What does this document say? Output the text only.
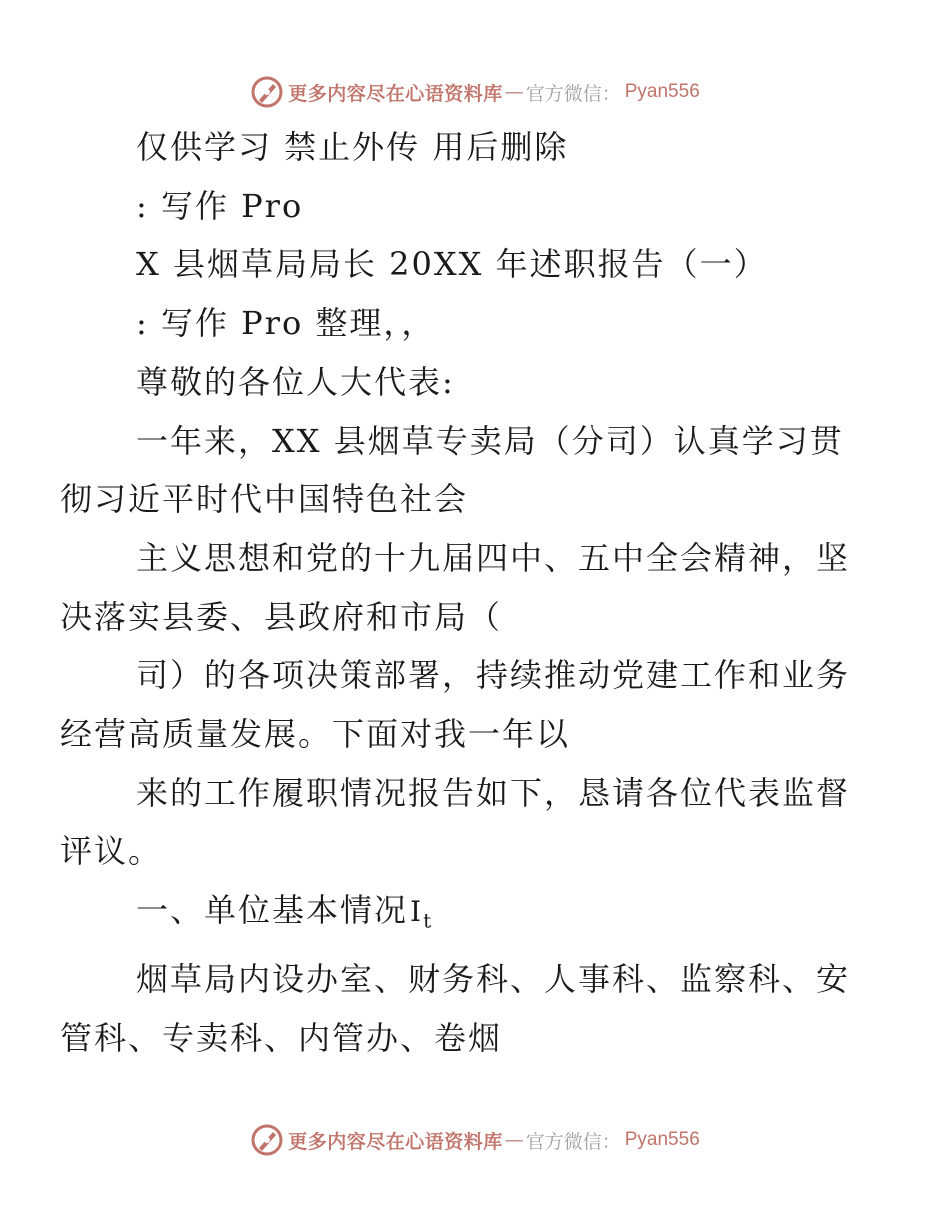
更多内容尽在心语资料库 — 官方微信： Pyan556

仅供学习 禁止外传 用后删除

: 写作 Pro

X 县烟草局局长 20XX 年述职报告（一）

: 写作 Pro 整理，，

尊敬的各位人大代表:

一年来，XX 县烟草专卖局（分司）认真学习贯
彻习近平时代中国特色社会

主义思想和党的十九届四中、五中全会精神，坚
决落实县委、县政府和市局（

司）的各项决策部署，持续推动党建工作和业务
经营高质量发展。下面对我一年以

来的工作履职情况报告如下，恳请各位代表监督
评议。

一、单位基本情况$I_t$

烟草局内设办室、财务科、人事科、监察科、安
管科、专卖科、内管办、卷烟

更多内容尽在心语资料库 — 官方微信： Pyan556
